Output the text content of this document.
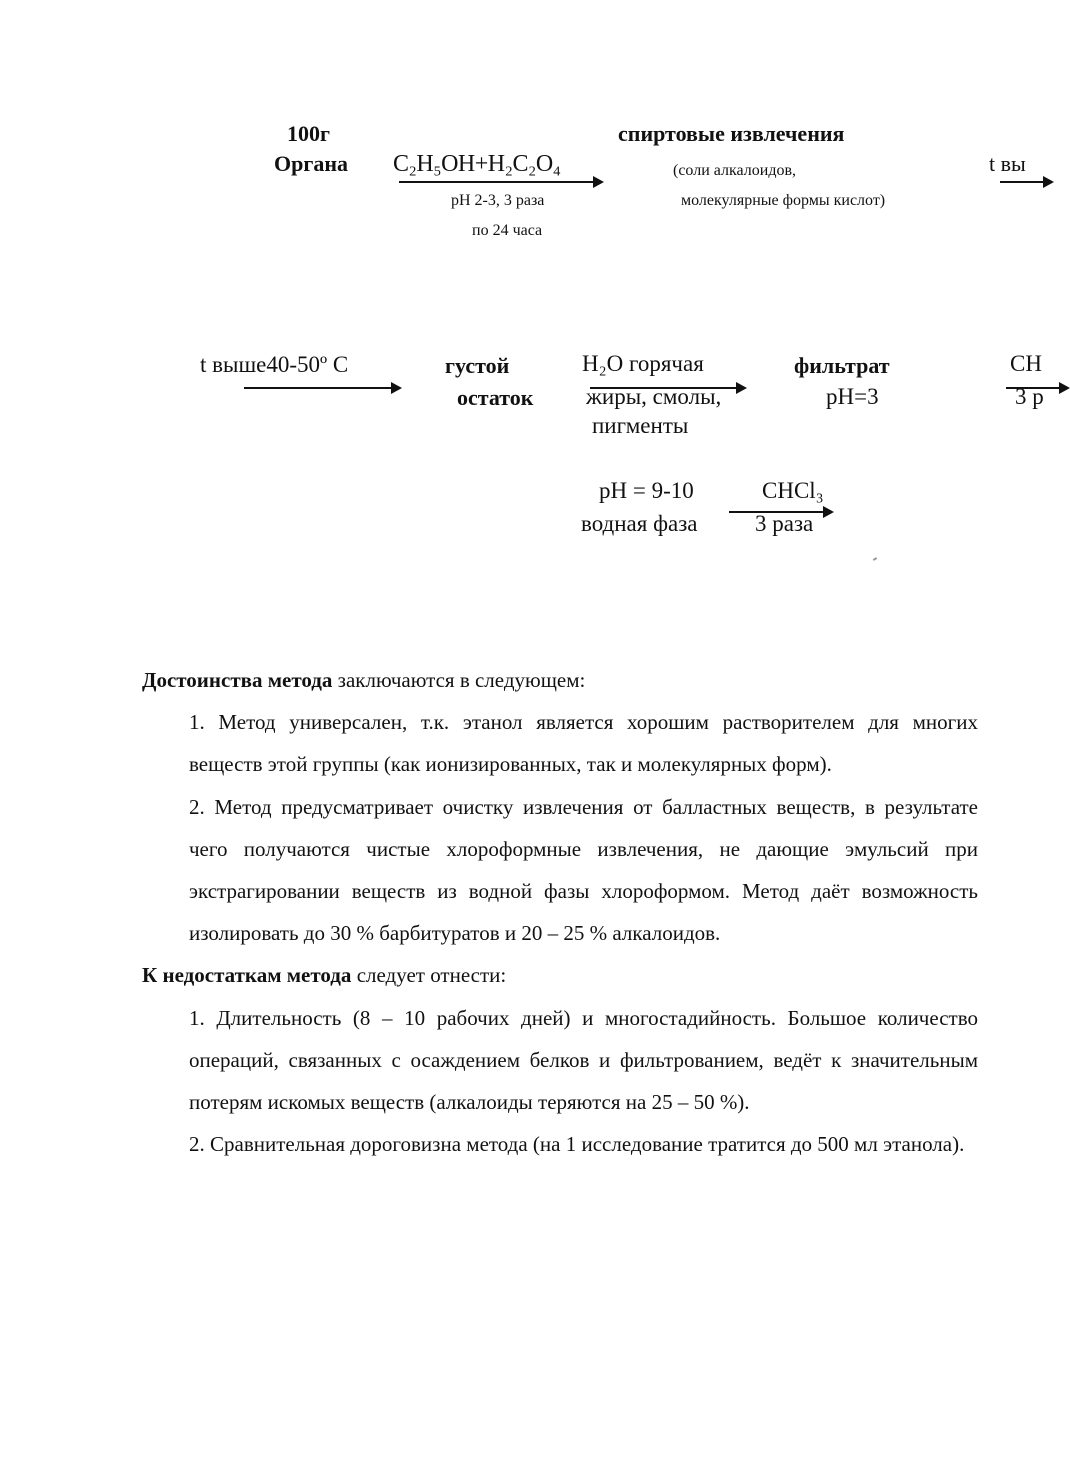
100г
Органа C₂H₅OH+H₂C₂O₄
рН 2-3, 3 раза
по 24 часа
спиртовые извлечения
(соли алкалоидов,
молекулярные формы кислот)
t вы
t выше40-50º С	густой
остаток
H₂O горячая
жиры, смолы,
пигменты
фильтрат
рН=3
CH
3 р
рН = 9-10
водная фаза
CHCl₃
3 раза

Достоинства метода заключаются в следующем:

1. Метод универсален, т.к. этанол является хорошим растворителем для многих веществ этой группы (как ионизированных, так и молекулярных форм).

2. Метод предусматривает очистку извлечения от балластных веществ, в результате чего получаются чистые хлороформные извлечения, не дающие эмульсий при экстрагировании веществ из водной фазы хлороформом. Метод даёт возможность изолировать до 30 % барбитуратов и 20 – 25 % алкалоидов.

К недостаткам метода следует отнести:

1. Длительность (8 – 10 рабочих дней) и многостадийность. Большое количество операций, связанных с осаждением белков и фильтрованием, ведёт к значительным потерям искомых веществ (алкалоиды теряются на 25 – 50 %).

2. Сравнительная дороговизна метода (на 1 исследование тратится до 500 мл этанола).
